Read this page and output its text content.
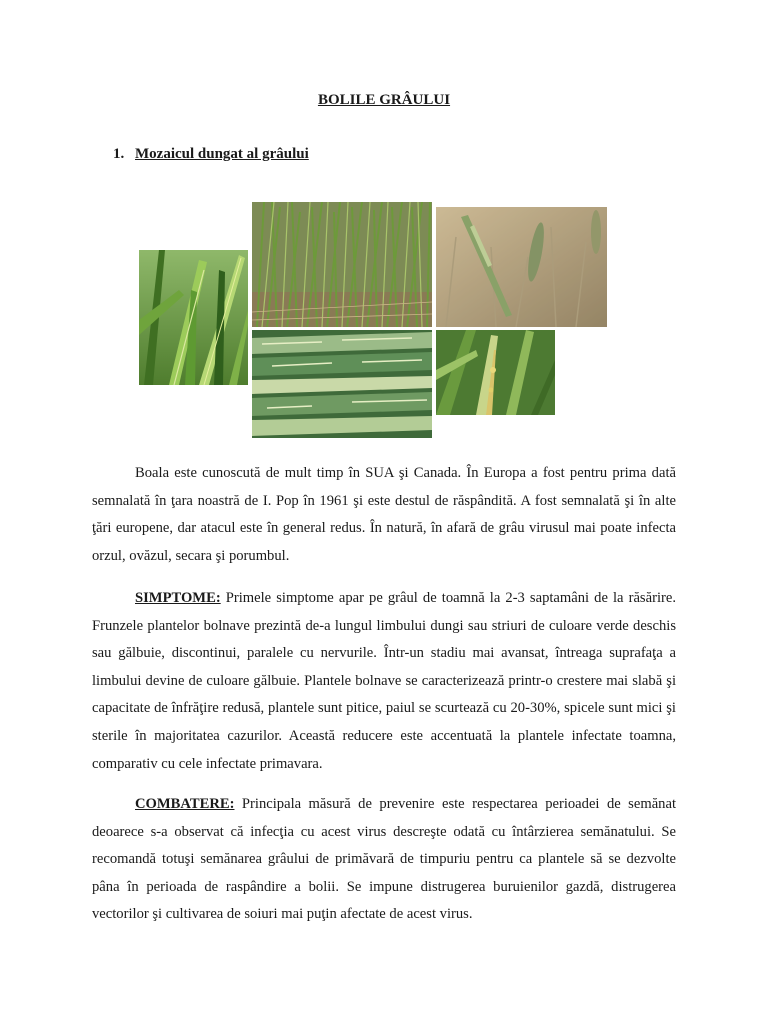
BOLILE GRÂULUI
1. Mozaicul dungat al grâului

Boala este cunoscută de mult timp în SUA şi Canada. În Europa a fost pentru prima dată semnalată în ţara noastră de I. Pop în 1961 şi este destul de răspândită. A fost semnalată şi în alte ţări europene, dar atacul este în general redus. În natură, în afară de grâu virusul mai poate infecta orzul, ovăzul, secara şi porumbul.

SIMPTOME: Primele simptome apar pe grâul de toamnă la 2-3 saptamâni de la răsărire. Frunzele plantelor bolnave prezintă de-a lungul limbului dungi sau striuri de culoare verde deschis sau gălbuie, discontinui, paralele cu nervurile. Într-un stadiu mai avansat, întreaga suprafaţa a limbului devine de culoare gălbuie. Plantele bolnave se caracterizează printr-o crestere mai slabă şi capacitate de înfrăţire redusă, plantele sunt pitice, paiul se scurtează cu 20-30%, spicele sunt mici şi sterile în majoritatea cazurilor. Această reducere este accentuată la plantele infectate toamna, comparativ cu cele infectate primavara.

COMBATERE: Principala măsură de prevenire este respectarea perioadei de semănat deoarece s-a observat că infecţia cu acest virus descreşte odată cu întârzierea semănatului. Se recomandă totuşi semănarea grâului de primăvară de timpuriu pentru ca plantele să se dezvolte pâna în perioada de raspândire a bolii. Se impune distrugerea buruienilor gazdă, distrugerea vectorilor şi cultivarea de soiuri mai puţin afectate de acest virus.
